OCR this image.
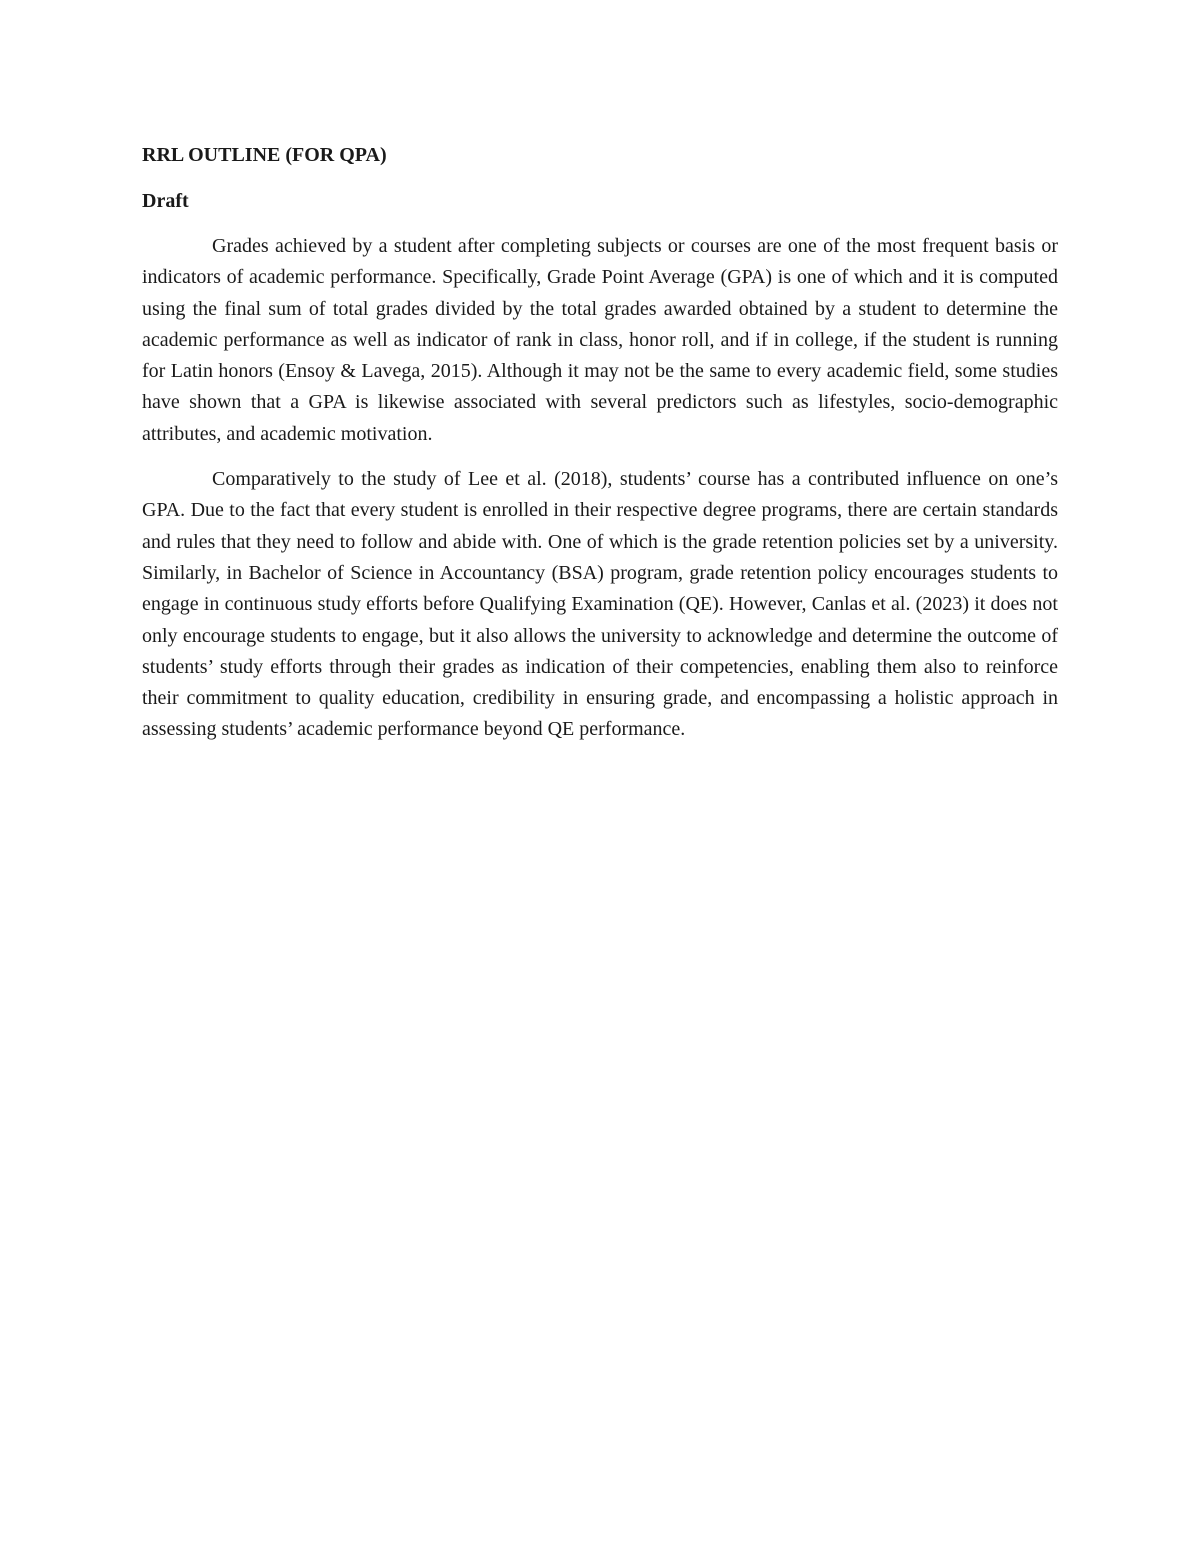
RRL OUTLINE (FOR QPA)

Draft

Grades achieved by a student after completing subjects or courses are one of the most frequent basis or indicators of academic performance. Specifically, Grade Point Average (GPA) is one of which and it is computed using the final sum of total grades divided by the total grades awarded obtained by a student to determine the academic performance as well as indicator of rank in class, honor roll, and if in college, if the student is running for Latin honors (Ensoy & Lavega, 2015). Although it may not be the same to every academic field, some studies have shown that a GPA is likewise associated with several predictors such as lifestyles, socio-demographic attributes, and academic motivation.

Comparatively to the study of Lee et al. (2018), students’ course has a contributed influence on one’s GPA. Due to the fact that every student is enrolled in their respective degree programs, there are certain standards and rules that they need to follow and abide with. One of which is the grade retention policies set by a university. Similarly, in Bachelor of Science in Accountancy (BSA) program, grade retention policy encourages students to engage in continuous study efforts before Qualifying Examination (QE). However, Canlas et al. (2023) it does not only encourage students to engage, but it also allows the university to acknowledge and determine the outcome of students’ study efforts through their grades as indication of their competencies, enabling them also to reinforce their commitment to quality education, credibility in ensuring grade, and encompassing a holistic approach in assessing students’ academic performance beyond QE performance.
